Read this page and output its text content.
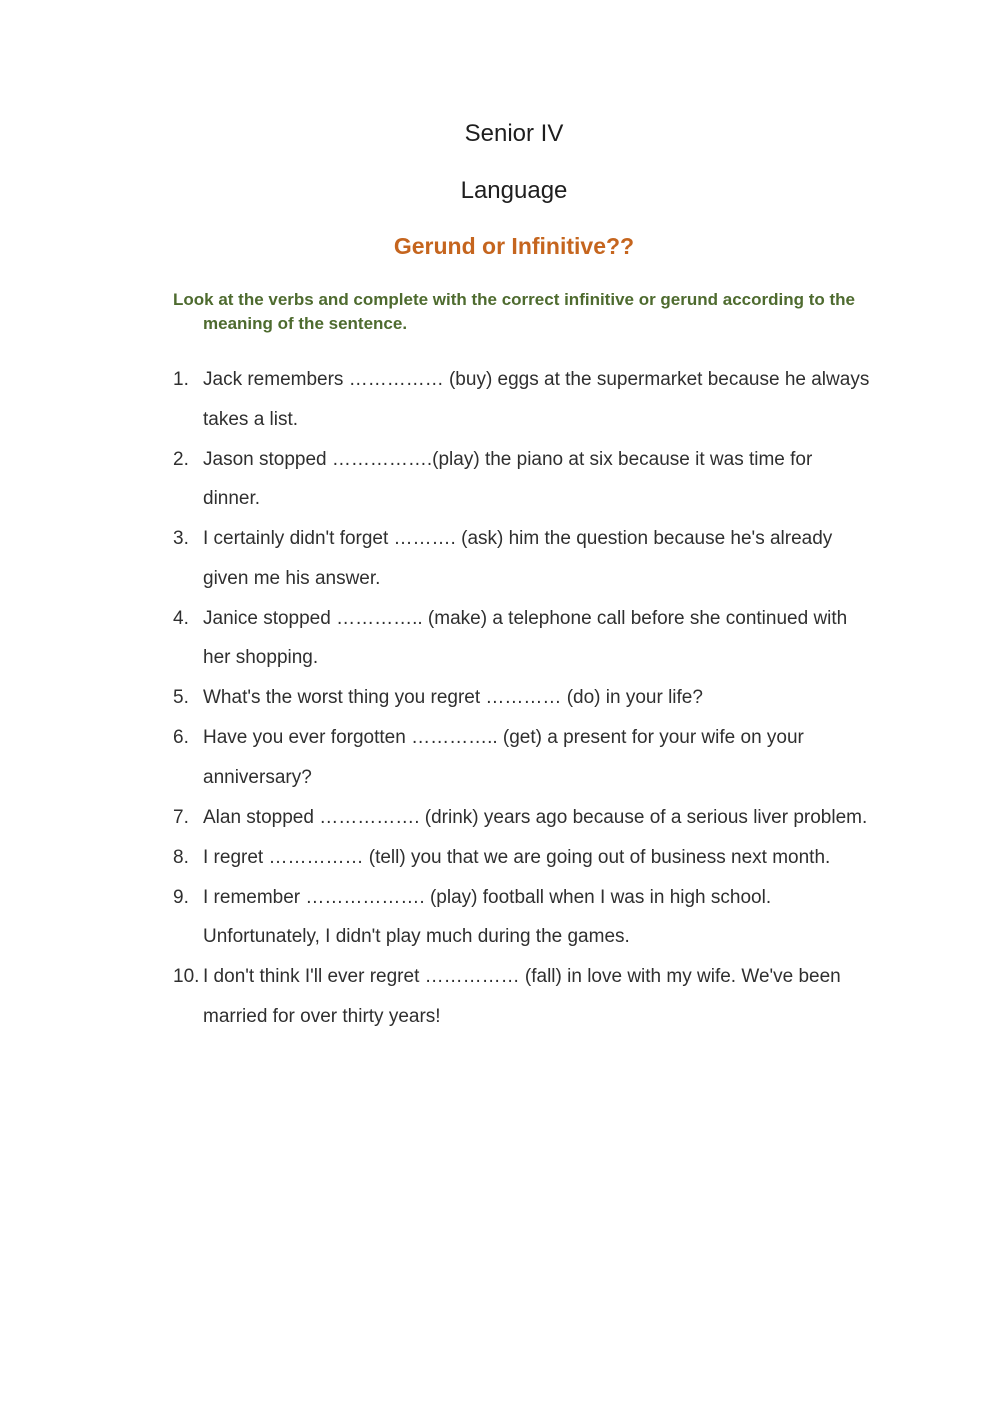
Senior IV
Language
Gerund or Infinitive??
Look at the verbs and complete with the correct infinitive or gerund according to the meaning of the sentence.
1. Jack remembers …………… (buy) eggs at the supermarket because he always takes a list.
2. Jason stopped …………….(play) the piano at six because it was time for dinner.
3. I certainly didn't forget ………. (ask) him the question because he's already given me his answer.
4. Janice stopped ………….. (make) a telephone call before she continued with her shopping.
5. What's the worst thing you regret ………… (do) in your life?
6. Have you ever forgotten ………….. (get) a present for your wife on your anniversary?
7. Alan stopped ……………. (drink) years ago because of a serious liver problem.
8. I regret …………… (tell) you that we are going out of business next month.
9. I remember ………………. (play) football when I was in high school. Unfortunately, I didn't play much during the games.
10. I don't think I'll ever regret …………… (fall) in love with my wife. We've been married for over thirty years!
